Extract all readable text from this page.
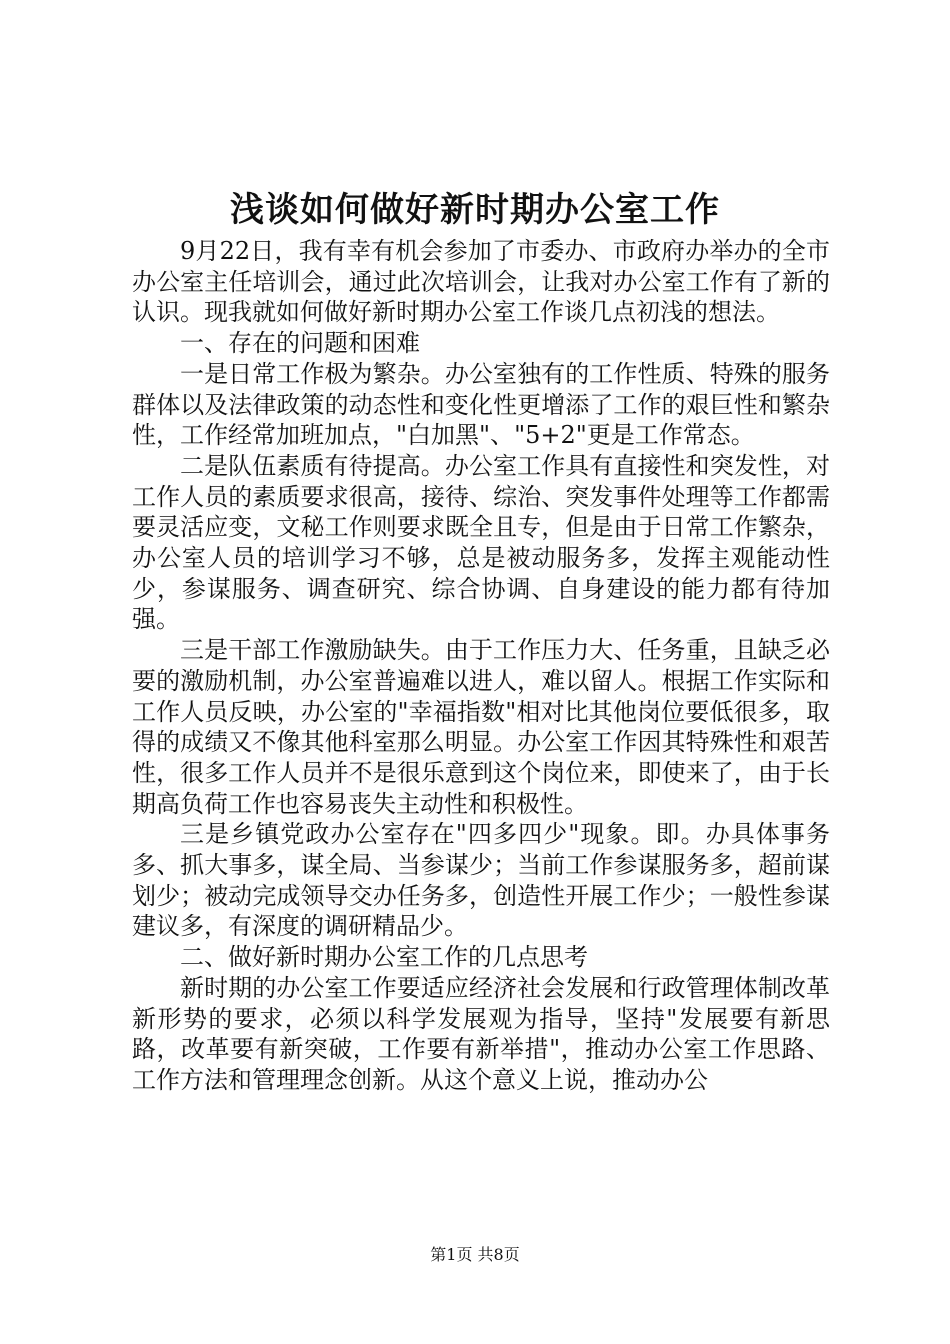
浅谈如何做好新时期办公室工作

9月22日，我有幸有机会参加了市委办、市政府办举办的全市办公室主任培训会，通过此次培训会，让我对办公室工作有了新的认识。现我就如何做好新时期办公室工作谈几点初浅的想法。

一、存在的问题和困难

一是日常工作极为繁杂。办公室独有的工作性质、特殊的服务群体以及法律政策的动态性和变化性更增添了工作的艰巨性和繁杂性，工作经常加班加点，"白加黑"、"5+2"更是工作常态。

二是队伍素质有待提高。办公室工作具有直接性和突发性，对工作人员的素质要求很高，接待、综治、突发事件处理等工作都需要灵活应变，文秘工作则要求既全且专，但是由于日常工作繁杂，办公室人员的培训学习不够，总是被动服务多，发挥主观能动性少，参谋服务、调查研究、综合协调、自身建设的能力都有待加强。

三是干部工作激励缺失。由于工作压力大、任务重，且缺乏必要的激励机制，办公室普遍难以进人，难以留人。根据工作实际和工作人员反映，办公室的"幸福指数"相对比其他岗位要低很多，取得的成绩又不像其他科室那么明显。办公室工作因其特殊性和艰苦性，很多工作人员并不是很乐意到这个岗位来，即使来了，由于长期高负荷工作也容易丧失主动性和积极性。

三是乡镇党政办公室存在"四多四少"现象。即。办具体事务多、抓大事多，谋全局、当参谋少；当前工作参谋服务多，超前谋划少；被动完成领导交办任务多，创造性开展工作少；一般性参谋建议多，有深度的调研精品少。

二、做好新时期办公室工作的几点思考

新时期的办公室工作要适应经济社会发展和行政管理体制改革新形势的要求，必须以科学发展观为指导，坚持"发展要有新思路，改革要有新突破，工作要有新举措"，推动办公室工作思路、工作方法和管理理念创新。从这个意义上说，推动办公

第1页 共8页
